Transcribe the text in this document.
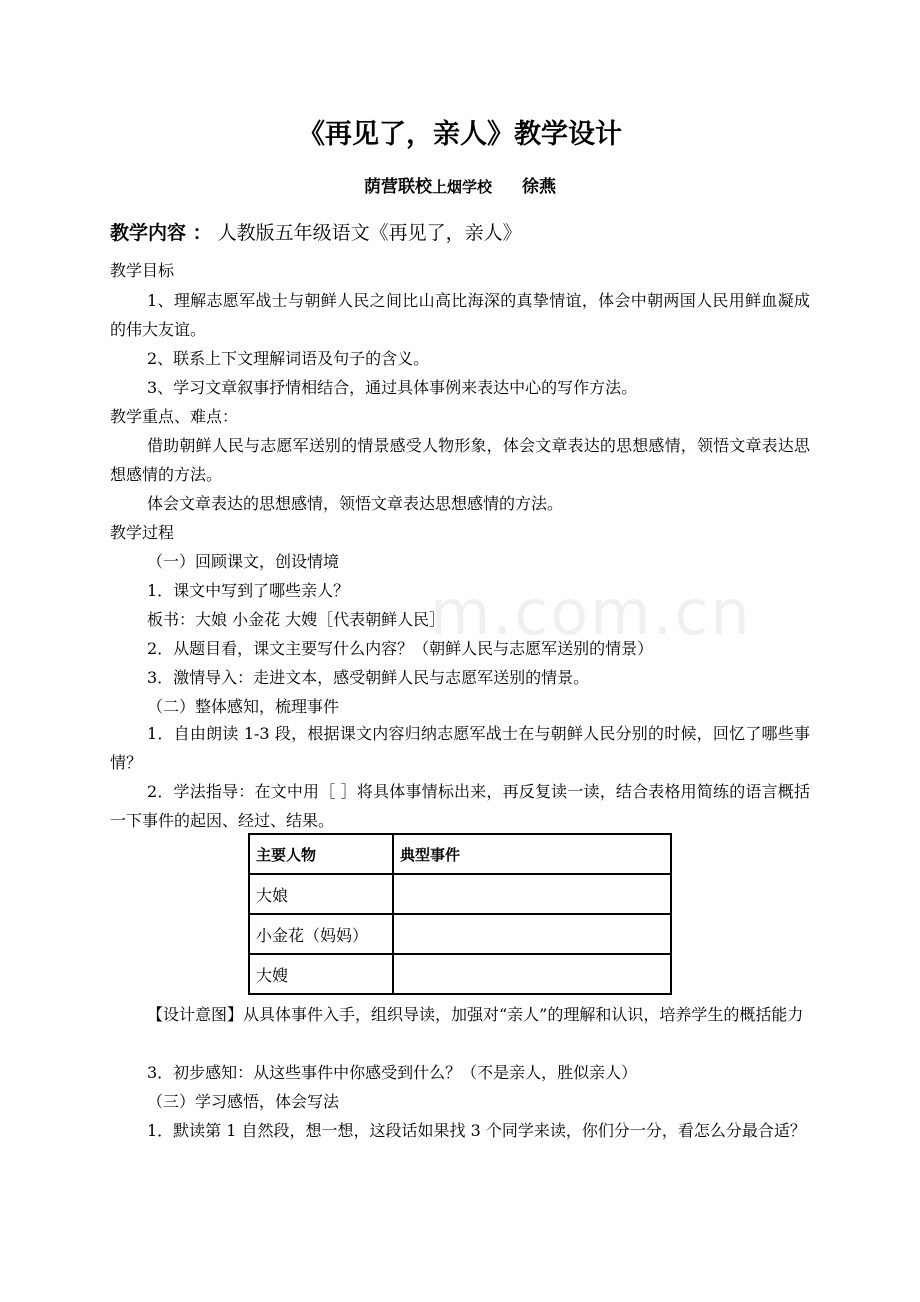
m.com.cn
《再见了，亲人》教学设计
荫营联校上烟学校 徐燕
教学内容 ： 人教版五年级语文《再见了，亲人》

教学目标

1、理解志愿军战士与朝鲜人民之间比山高比海深的真挚情谊，体会中朝两国人民用鲜血凝成的伟大友谊。

2、联系上下文理解词语及句子的含义。

3、学习文章叙事抒情相结合，通过具体事例来表达中心的写作方法。

教学重点、难点：

借助朝鲜人民与志愿军送别的情景感受人物形象，体会文章表达的思想感情，领悟文章表达思想感情的方法。

体会文章表达的思想感情，领悟文章表达思想感情的方法。

教学过程

（一）回顾课文，创设情境

1．课文中写到了哪些亲人？

板书：大娘 小金花 大嫂［代表朝鲜人民］

2．从题目看，课文主要写什么内容？（朝鲜人民与志愿军送别的情景）

3．激情导入：走进文本，感受朝鲜人民与志愿军送别的情景。

（二）整体感知，梳理事件

1．自由朗读 1-3 段，根据课文内容归纳志愿军战士在与朝鲜人民分别的时候，回忆了哪些事情？

2．学法指导：在文中用［ ］将具体事情标出来，再反复读一读，结合表格用简练的语言概括一下事件的起因、经过、结果。

主要人物	典型事件
大娘	
小金花（妈妈）	
大嫂	

【设计意图】从具体事件入手，组织导读，加强对“亲人”的理解和认识，培养学生的概括能力

3．初步感知：从这些事件中你感受到什么？（不是亲人，胜似亲人）

（三）学习感悟，体会写法

1．默读第 1 自然段，想一想，这段话如果找 3 个同学来读，你们分一分，看怎么分最合适？
